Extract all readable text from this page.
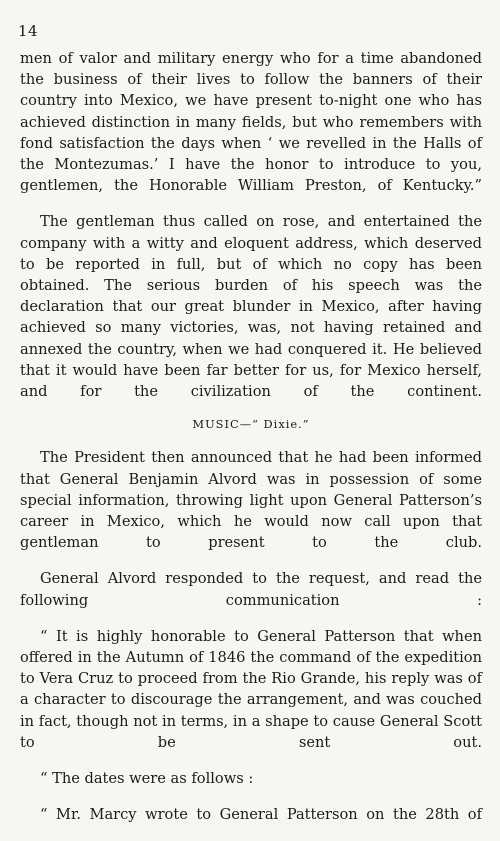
14

men of valor and military energy who for a time abandoned the business of their lives to follow the banners of their country into Mexico, we have present to-night one who has achieved distinction in many fields, but who remembers with fond satisfaction the days when ‘ we revelled in the Halls of the Montezumas.’ I have the honor to introduce to you, gentlemen, the Honorable William Preston, of Kentucky.”

The gentleman thus called on rose, and entertained the company with a witty and eloquent address, which deserved to be reported in full, but of which no copy has been obtained. The serious burden of his speech was the declaration that our great blunder in Mexico, after having achieved so many victories, was, not having retained and annexed the country, when we had conquered it. He believed that it would have been far better for us, for Mexico herself, and for the civilization of the continent.

MUSIC—“ Dixie.”

The President then announced that he had been informed that General Benjamin Alvord was in possession of some special information, throwing light upon General Patterson’s career in Mexico, which he would now call upon that gentleman to present to the club.

General Alvord responded to the request, and read the following communication :

“ It is highly honorable to General Patterson that when offered in the Autumn of 1846 the command of the expedition to Vera Cruz to proceed from the Rio Grande, his reply was of a character to discourage the arrangement, and was couched in fact, though not in terms, in a shape to cause General Scott to be sent out.

“ The dates were as follows :

“ Mr. Marcy wrote to General Patterson on the 28th of
